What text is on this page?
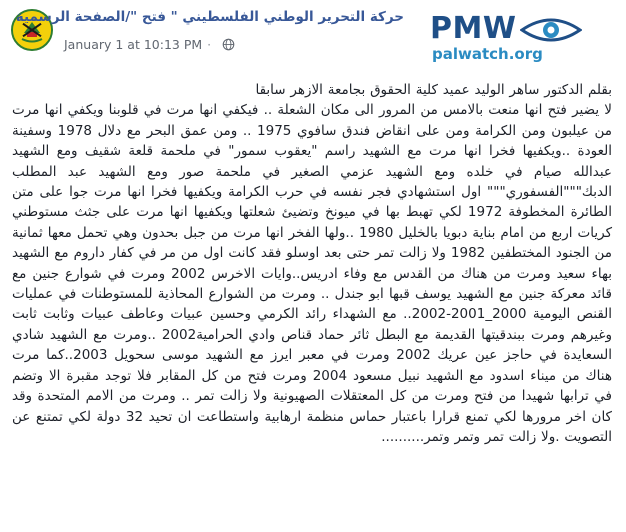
حركة التحرير الوطني الفلسطيني " فتح "/الصفحة الرسمية
January 1 at 10:13 PM ·	PMW
palwatch.org

بقلم الدكتور ساهر الوليد عميد كلية الحقوق بجامعة الازهر سابقا

لا يضير فتح انها منعت بالامس من المرور الى مكان الشعلة .. فيكفي انها مرت في قلوبنا ويكفي انها مرت من عيلبون ومن الكرامة ومن على انقاض فندق سافوي 1975 .. ومن عمق البحر مع دلال 1978 وسفينة العودة ..ويكفيها فخرا انها مرت مع الشهيد راسم "يعقوب سمور" في ملحمة قلعة شقيف ومع الشهيد عبدالله صيام في خلده ومع الشهيد عزمي الصغير في ملحمة صور ومع الشهيد عبد المطلب الدبك"""الفسفوري""" اول استشهادي فجر نفسه في حرب الكرامة ويكفيها فخرا انها مرت جوا على متن الطائرة المخطوفة 1972 لكي تهبط بها في ميونخ وتضيئ شعلتها ويكفيها انها مرت على جثث مستوطني كريات اربع من امام بناية دبويا بالخليل 1980 ..ولها الفخر انها مرت من جبل بحدون وهي تحمل معها ثمانية من الجنود المختطفين 1982 ولا زالت تمر حتى بعد اوسلو فقد كانت اول من مر في كفار داروم مع الشهيد بهاء سعيد ومرت من هناك من القدس مع وفاء ادريس..وايات الاخرس 2002 ومرت في شوارع جنين مع قائد معركة جنين مع الشهيد يوسف قبها ابو جندل .. ومرت من الشوارع المحاذية للمستوطنات في عمليات القنص اليومية 2000_2001-2002.. مع الشهداء رائد الكرمي وحسين عبيات وعاطف عبيات وثابت ثابت وغيرهم ومرت ببندقيتها القديمة مع البطل ثائر حماد قناص وادي الحرامية2002 ..ومرت مع الشهيد شادي السعايدة في حاجز عين عريك 2002 ومرت في معبر ايرز مع الشهيد موسى سحويل 2003..كما مرت هناك من ميناء اسدود مع الشهيد نبيل مسعود 2004 ومرت فتح من كل المقابر فلا توجد مقبرة الا وتضم في ترابها شهيدا من فتح ومرت من كل المعتقلات الصهيونية ولا زالت تمر .. ومرت من الامم المتحدة وقد كان اخر مرورها لكي تمنع قرارا باعتبار حماس منظمة ارهابية واستطاعت ان تحيد 32 دولة لكي تمتنع عن التصويت .ولا زالت تمر وتمر وتمر..........
